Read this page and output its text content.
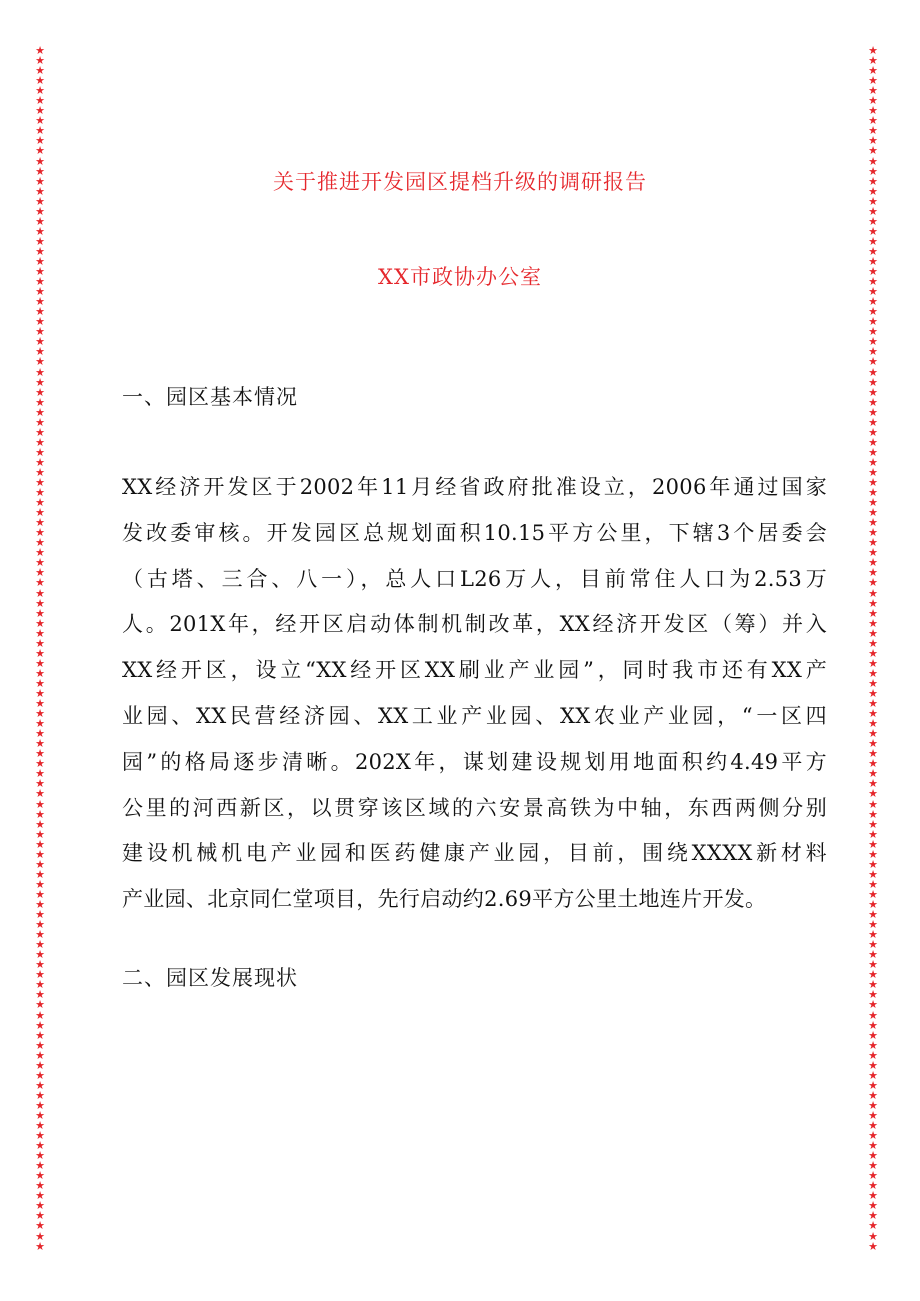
★
★
★
★
★
★
★
★
★
★
★
★
★
★
★
★
★
★
★
★
★
★
★
★
★
★
★
★
★
★
★
★
★
★
★
★
★
★
★
★
★
★
★
★
★
★
★
★
★
★
★
★
★
★
★
★
★
★
★
★
★
★
★
★
★
★
★
★
★
★
★
★
★
★
★
★
★
★
★
★
★
★
★
★
★
★
★
★
★
★
★
★
★
★
★
★
★
★
★
★
★
★
★
★
★
★
★
★
★
★
★
★
★
★
★
★
★
★
★
★
★
★
★
★
★
★
★
★
★
★
★
★
★
★
★
★
★
★
★
★
★
★
★
★
★
★
★
★
★
★
★
★
★
★
★
★
★
★
★
★
★
★
★
★
★
★
★
★
★
★
★
★
★
★
★
★
★
★
★
★
★
★
★
★
★
★
★
★
★
★
★
★
★
★
★
★
★
★
★
★
★
★
★
★
★
★
★
★
★
★
★
★
★
★
★
★
★
★
★
★
★
★
★
★
★
★
★
★
★
★
★
★
★
★
★
★
★
★
★
★
关于推进开发园区提档升级的调研报告
XX市政协办公室
一、园区基本情况
XX经济开发区于2002年11月经省政府批准设立，2006年通过国家
发改委审核。开发园区总规划面积10.15平方公里，下辖3个居委会
（古塔、三合、八一），总人口L26万人，目前常住人口为2.53万
人。201X年，经开区启动体制机制改革，XX经济开发区（筹）并入
XX经开区，设立“XX经开区XX刷业产业园”，同时我市还有XX产
业园、XX民营经济园、XX工业产业园、XX农业产业园，“一区四
园”的格局逐步清晰。202X年，谋划建设规划用地面积约4.49平方
公里的河西新区，以贯穿该区域的六安景高铁为中轴，东西两侧分别
建设机械机电产业园和医药健康产业园，目前，围绕XXXX新材料
产业园、北京同仁堂项目，先行启动约2.69平方公里土地连片开发。
二、园区发展现状
